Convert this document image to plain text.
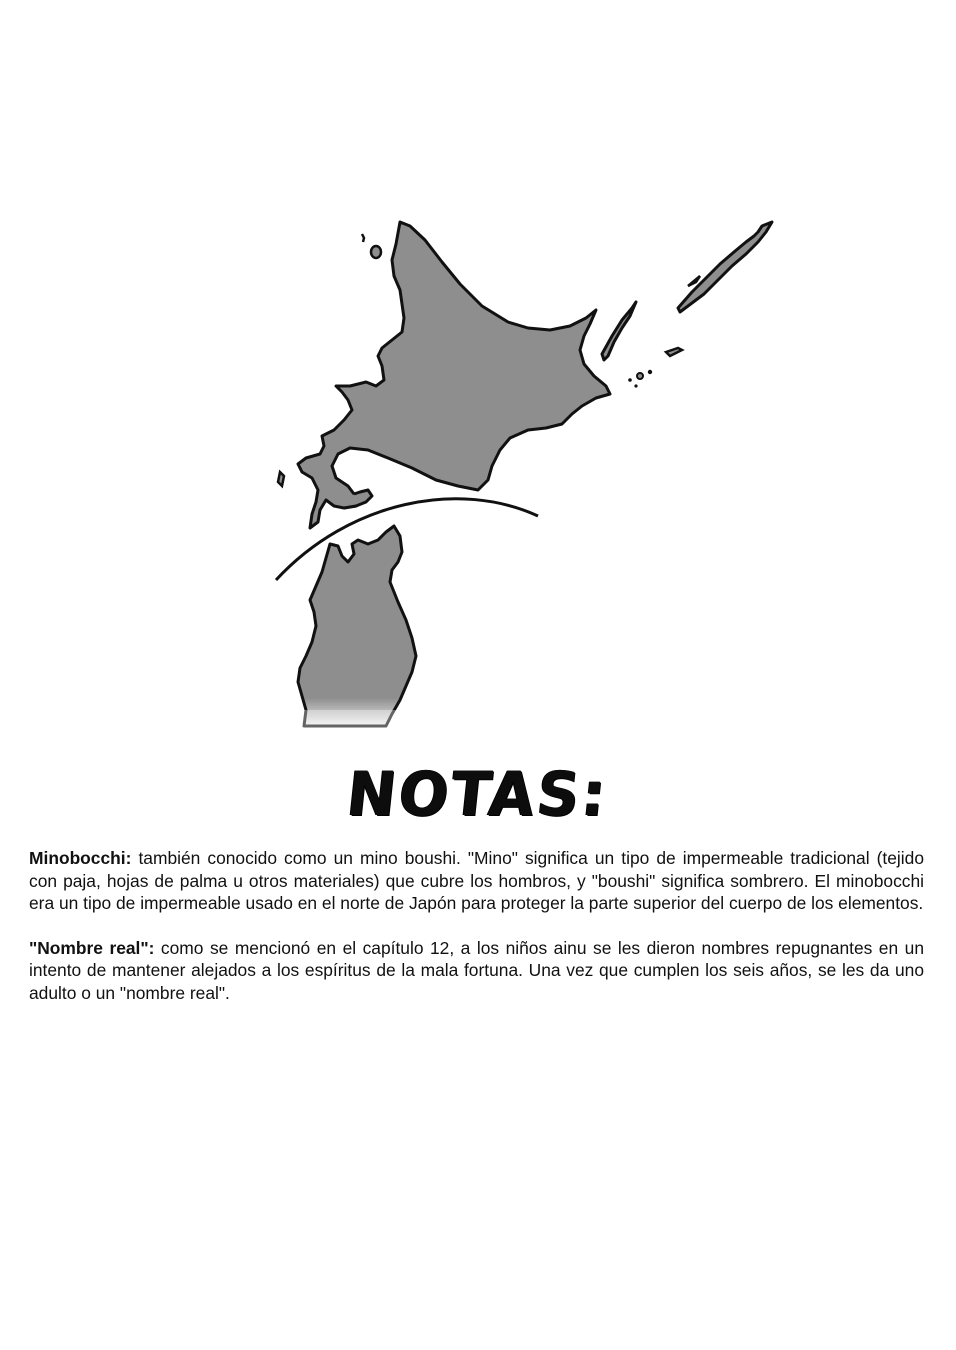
NOTAS:

Minobocchi: también conocido como un mino boushi. "Mino" significa un tipo de impermeable tradicional (tejido con paja, hojas de palma u otros materiales) que cubre los hombros, y "boushi" significa sombrero. El minobocchi era un tipo de impermeable usado en el norte de Japón para proteger la parte superior del cuerpo de los elementos.

"Nombre real": como se mencionó en el capítulo 12, a los niños ainu se les dieron nombres repugnantes en un intento de mantener alejados a los espíritus de la mala fortuna. Una vez que cumplen los seis años, se les da uno adulto o un "nombre real".
